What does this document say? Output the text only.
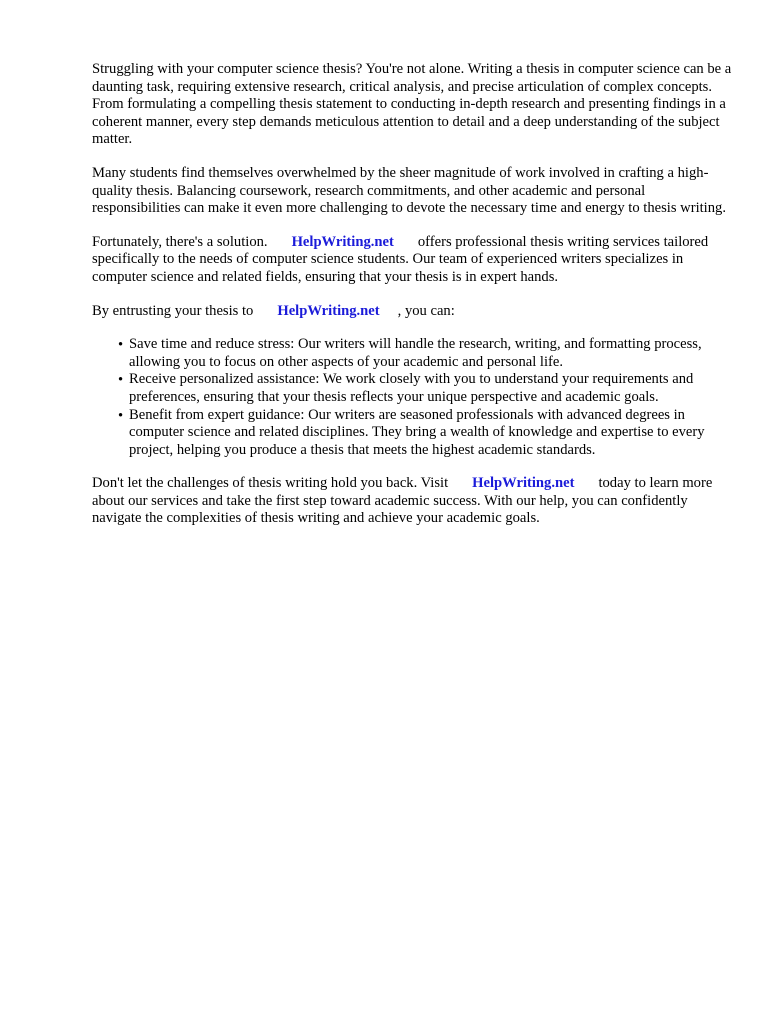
Struggling with your computer science thesis? You're not alone. Writing a thesis in computer science can be a daunting task, requiring extensive research, critical analysis, and precise articulation of complex concepts. From formulating a compelling thesis statement to conducting in-depth research and presenting findings in a coherent manner, every step demands meticulous attention to detail and a deep understanding of the subject matter.

Many students find themselves overwhelmed by the sheer magnitude of work involved in crafting a high-quality thesis. Balancing coursework, research commitments, and other academic and personal responsibilities can make it even more challenging to devote the necessary time and energy to thesis writing.

Fortunately, there's a solution. HelpWriting.net offers professional thesis writing services tailored specifically to the needs of computer science students. Our team of experienced writers specializes in computer science and related fields, ensuring that your thesis is in expert hands.

By entrusting your thesis to HelpWriting.net , you can:

• Save time and reduce stress: Our writers will handle the research, writing, and formatting process, allowing you to focus on other aspects of your academic and personal life.
• Receive personalized assistance: We work closely with you to understand your requirements and preferences, ensuring that your thesis reflects your unique perspective and academic goals.
• Benefit from expert guidance: Our writers are seasoned professionals with advanced degrees in computer science and related disciplines. They bring a wealth of knowledge and expertise to every project, helping you produce a thesis that meets the highest academic standards.

Don't let the challenges of thesis writing hold you back. Visit HelpWriting.net today to learn more about our services and take the first step toward academic success. With our help, you can confidently navigate the complexities of thesis writing and achieve your academic goals.
